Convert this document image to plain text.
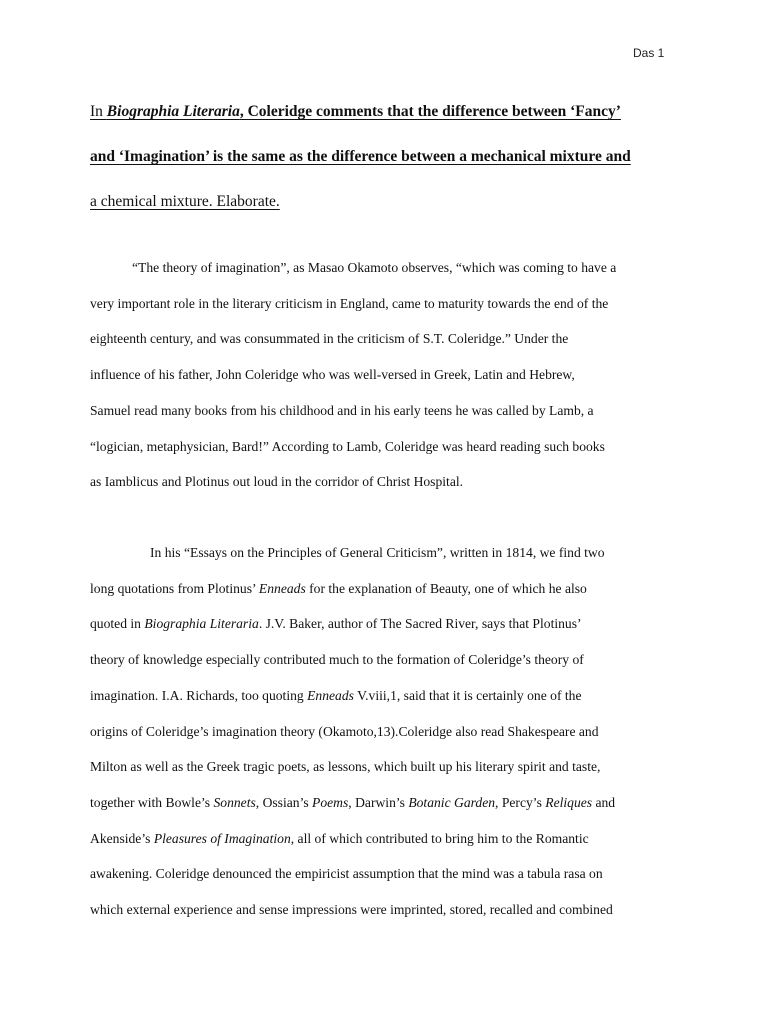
Das 1
In Biographia Literaria, Coleridge comments that the difference between ‘Fancy’
and ‘Imagination’ is the same as the difference between a mechanical mixture and
a chemical mixture. Elaborate.
“The theory of imagination”, as Masao Okamoto observes, “which was coming to have a
very important role in the literary criticism in England, came to maturity towards the end of the
eighteenth century, and was consummated in the criticism of S.T. Coleridge.” Under the
influence of his father, John Coleridge who was well-versed in Greek, Latin and Hebrew,
Samuel read many books from his childhood and in his early teens he was called by Lamb, a
“logician, metaphysician, Bard!” According to Lamb, Coleridge was heard reading such books
as Iamblicus and Plotinus out loud in the corridor of Christ Hospital.
In his “Essays on the Principles of General Criticism”, written in 1814, we find two
long quotations from Plotinus’ Enneads for the explanation of Beauty, one of which he also
quoted in Biographia Literaria. J.V. Baker, author of The Sacred River, says that Plotinus’
theory of knowledge especially contributed much to the formation of Coleridge’s theory of
imagination. I.A. Richards, too quoting Enneads V.viii,1, said that it is certainly one of the
origins of Coleridge’s imagination theory (Okamoto,13).Coleridge also read Shakespeare and
Milton as well as the Greek tragic poets, as lessons, which built up his literary spirit and taste,
together with Bowle’s Sonnets, Ossian’s Poems, Darwin’s Botanic Garden, Percy’s Reliques and
Akenside’s Pleasures of Imagination, all of which contributed to bring him to the Romantic
awakening. Coleridge denounced the empiricist assumption that the mind was a tabula rasa on
which external experience and sense impressions were imprinted, stored, recalled and combined
